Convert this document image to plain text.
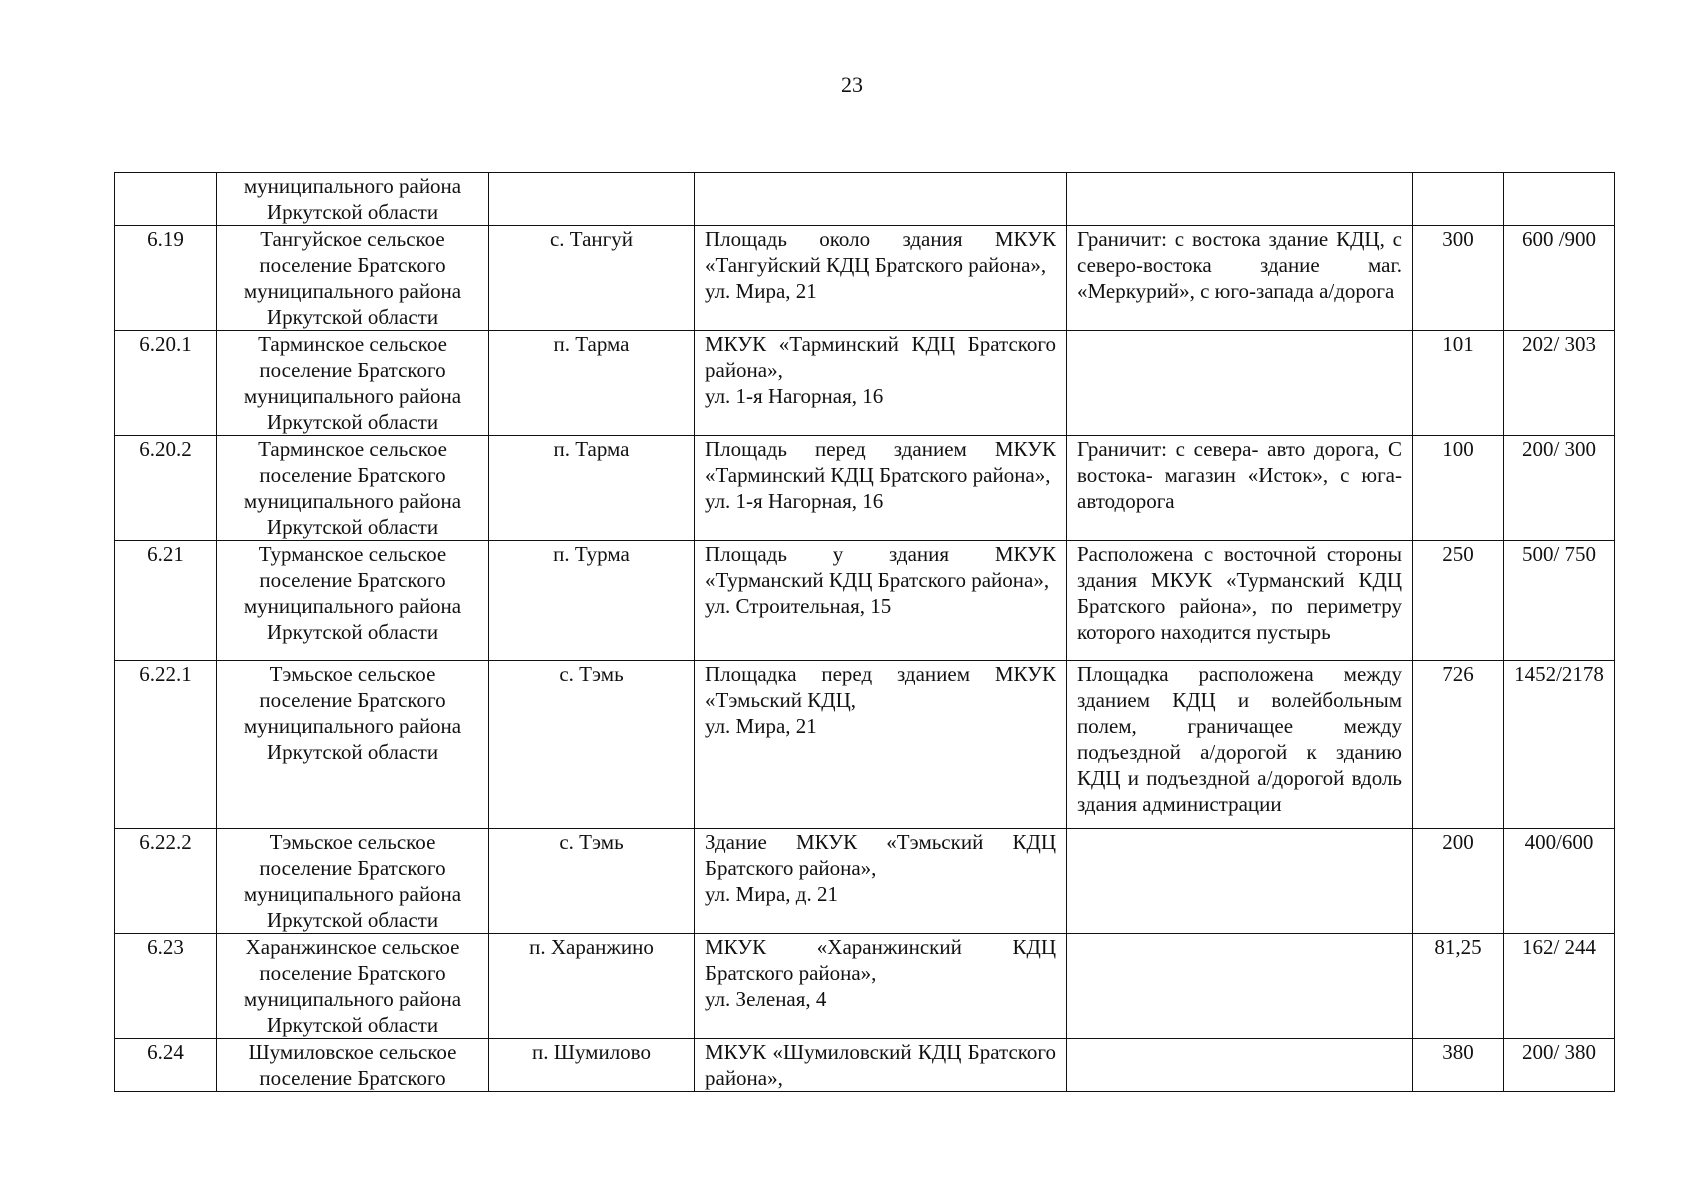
23
	муниципального района
Иркутской области					
6.19	Тангуйское сельское
поселение Братского
муниципального района
Иркутской области	с. Тангуй	Площадь около здания МКУК «Тангуйский КДЦ Братского района»,
ул. Мира, 21	Граничит: с востока здание КДЦ, с северо-востока здание маг. «Меркурий», с юго-запада а/дорога	300	600 /900
6.20.1	Тарминское сельское
поселение Братского
муниципального района
Иркутской области	п. Тарма	МКУК «Тарминский КДЦ Братского района»,
ул. 1-я Нагорная, 16		101	202/ 303
6.20.2	Тарминское сельское
поселение Братского
муниципального района
Иркутской области	п. Тарма	Площадь перед зданием МКУК «Тарминский КДЦ Братского района»,
ул. 1-я Нагорная, 16	Граничит: с севера- авто дорога, С востока- магазин «Исток», с юга- автодорога	100	200/ 300
6.21	Турманское сельское
поселение Братского
муниципального района
Иркутской области	п. Турма	Площадь у здания МКУК «Турманский КДЦ Братского района»,
ул. Строительная, 15	Расположена с восточной стороны здания МКУК «Турманский КДЦ Братского района», по периметру которого находится пустырь	250	500/ 750
6.22.1	Тэмьское сельское
поселение Братского
муниципального района
Иркутской области	с. Тэмь	Площадка перед зданием МКУК «Тэмьский КДЦ,
ул. Мира, 21	Площадка расположена между зданием КДЦ и волейбольным полем, граничащее между подъездной а/дорогой к зданию КДЦ и подъездной а/дорогой вдоль здания администрации	726	1452/2178
6.22.2	Тэмьское сельское
поселение Братского
муниципального района
Иркутской области	с. Тэмь	Здание МКУК «Тэмьский КДЦ Братского района»,
ул. Мира, д. 21		200	400/600
6.23	Харанжинское сельское
поселение Братского
муниципального района
Иркутской области	п. Харанжино	МКУК «Харанжинский КДЦ Братского района»,
ул. Зеленая, 4		81,25	162/ 244
6.24	Шумиловское сельское
поселение Братского	п. Шумилово	МКУК «Шумиловский КДЦ Братского района»,		380	200/ 380
